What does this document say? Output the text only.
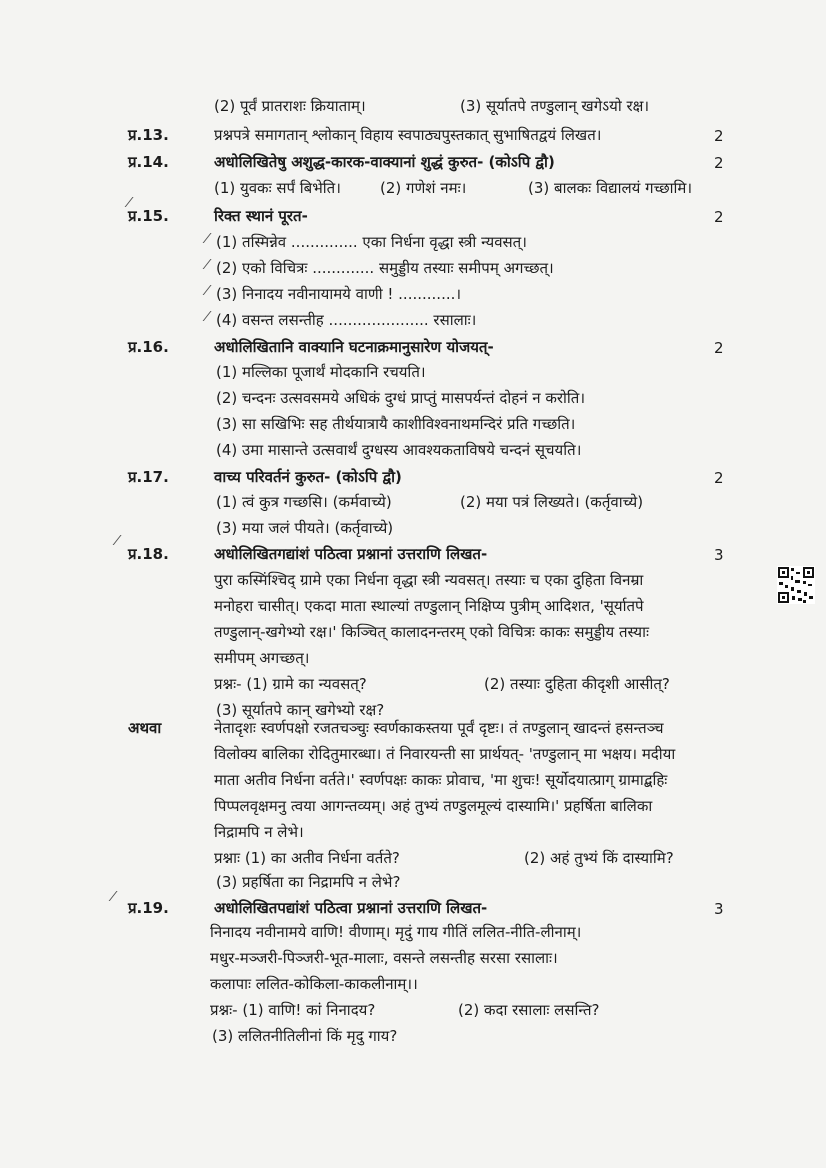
(2) पूर्वं प्रातराशः क्रियाताम्।	(3) सूर्यातपे तण्डुलान् खगेऽयो रक्ष।
प्र.13.	प्रश्नपत्रे समागतान् श्लोकान् विहाय स्वपाठ्यपुस्तकात् सुभाषितद्वयं लिखत।	2
प्र.14.	अधोलिखितेषु अशुद्ध-कारक-वाक्यानां शुद्धं कुरुत- (कोऽपि द्वौ)	2
(1) युवकः सर्पं बिभेति।	(2) गणेशं नमः।	(3) बालकः विद्यालयं गच्छामि।
⁄
प्र.15.	रिक्त स्थानं पूरत-	2
⁄ (1) तस्मिन्नेव .............. एका निर्धना वृद्धा स्त्री न्यवसत्।
⁄ (2) एको विचित्रः ............. समुड्डीय तस्याः समीपम् अगच्छत्।
⁄ (3) निनादय नवीनायामये वाणी ! ............।
⁄ (4) वसन्त लसन्तीह ..................... रसालाः।
प्र.16.	अधोलिखितानि वाक्यानि घटनाक्रमानुसारेण योजयत्-	2
(1) मल्लिका पूजार्थं मोदकानि रचयति।
(2) चन्दनः उत्सवसमये अधिकं दुग्धं प्राप्तुं मासपर्यन्तं दोहनं न करोति।
(3) सा सखिभिः सह तीर्थयात्रायै काशीविश्वनाथमन्दिरं प्रति गच्छति।
(4) उमा मासान्ते उत्सवार्थं दुग्धस्य आवश्यकताविषये चन्दनं सूचयति।
प्र.17.	वाच्य परिवर्तनं कुरुत- (कोऽपि द्वौ)	2
(1) त्वं कुत्र गच्छसि। (कर्मवाच्ये)	(2) मया पत्रं लिख्यते। (कर्तृवाच्ये)
(3) मया जलं पीयते। (कर्तृवाच्ये)
⁄
प्र.18.	अधोलिखितगद्यांशं पठित्वा प्रश्नानां उत्तराणि लिखत-	3
पुरा कस्मिंश्चिद् ग्रामे एका निर्धना वृद्धा स्त्री न्यवसत्। तस्याः च एका दुहिता विनम्रा
मनोहरा चासीत्। एकदा माता स्थाल्यां तण्डुलान् निक्षिप्य पुत्रीम् आदिशत, 'सूर्यातपे
तण्डुलान्-खगेभ्यो रक्ष।' किञ्चित् कालादनन्तरम् एको विचित्रः काकः समुड्डीय तस्याः
समीपम् अगच्छत्।
प्रश्नः- (1) ग्रामे का न्यवसत्?	(2) तस्याः दुहिता कीदृशी आसीत्?
(3) सूर्यातपे कान् खगेभ्यो रक्ष?
अथवा	नेतादृशः स्वर्णपक्षो रजतचञ्चुः स्वर्णकाकस्तया पूर्वं दृष्टः। तं तण्डुलान् खादन्तं हसन्तञ्च
विलोक्य बालिका रोदितुमारब्धा। तं निवारयन्ती सा प्रार्थयत्- 'तण्डुलान् मा भक्षय। मदीया
माता अतीव निर्धना वर्तते।' स्वर्णपक्षः काकः प्रोवाच, 'मा शुचः! सूर्योदयात्प्राग् ग्रामाद्बहिः
पिप्पलवृक्षमनु त्वया आगन्तव्यम्। अहं तुभ्यं तण्डुलमूल्यं दास्यामि।' प्रहर्षिता बालिका
निद्रामपि न लेभे।
प्रश्नाः (1) का अतीव निर्धना वर्तते?	(2) अहं तुभ्यं किं दास्यामि?
(3) प्रहर्षिता का निद्रामपि न लेभे?
⁄
प्र.19.	अधोलिखितपद्यांशं पठित्वा प्रश्नानां उत्तराणि लिखत-	3
निनादय नवीनामये वाणि! वीणाम्। मृदुं गाय गीतिं ललित-नीति-लीनाम्।
मधुर-मञ्जरी-पिञ्जरी-भूत-मालाः, वसन्ते लसन्तीह सरसा रसालाः।
कलापाः ललित-कोकिला-काकलीनाम्।।
प्रश्नः- (1) वाणि! कां निनादय?	(2) कदा रसालाः लसन्ति?
(3) ललितनीतिलीनां किं मृदु गाय?
